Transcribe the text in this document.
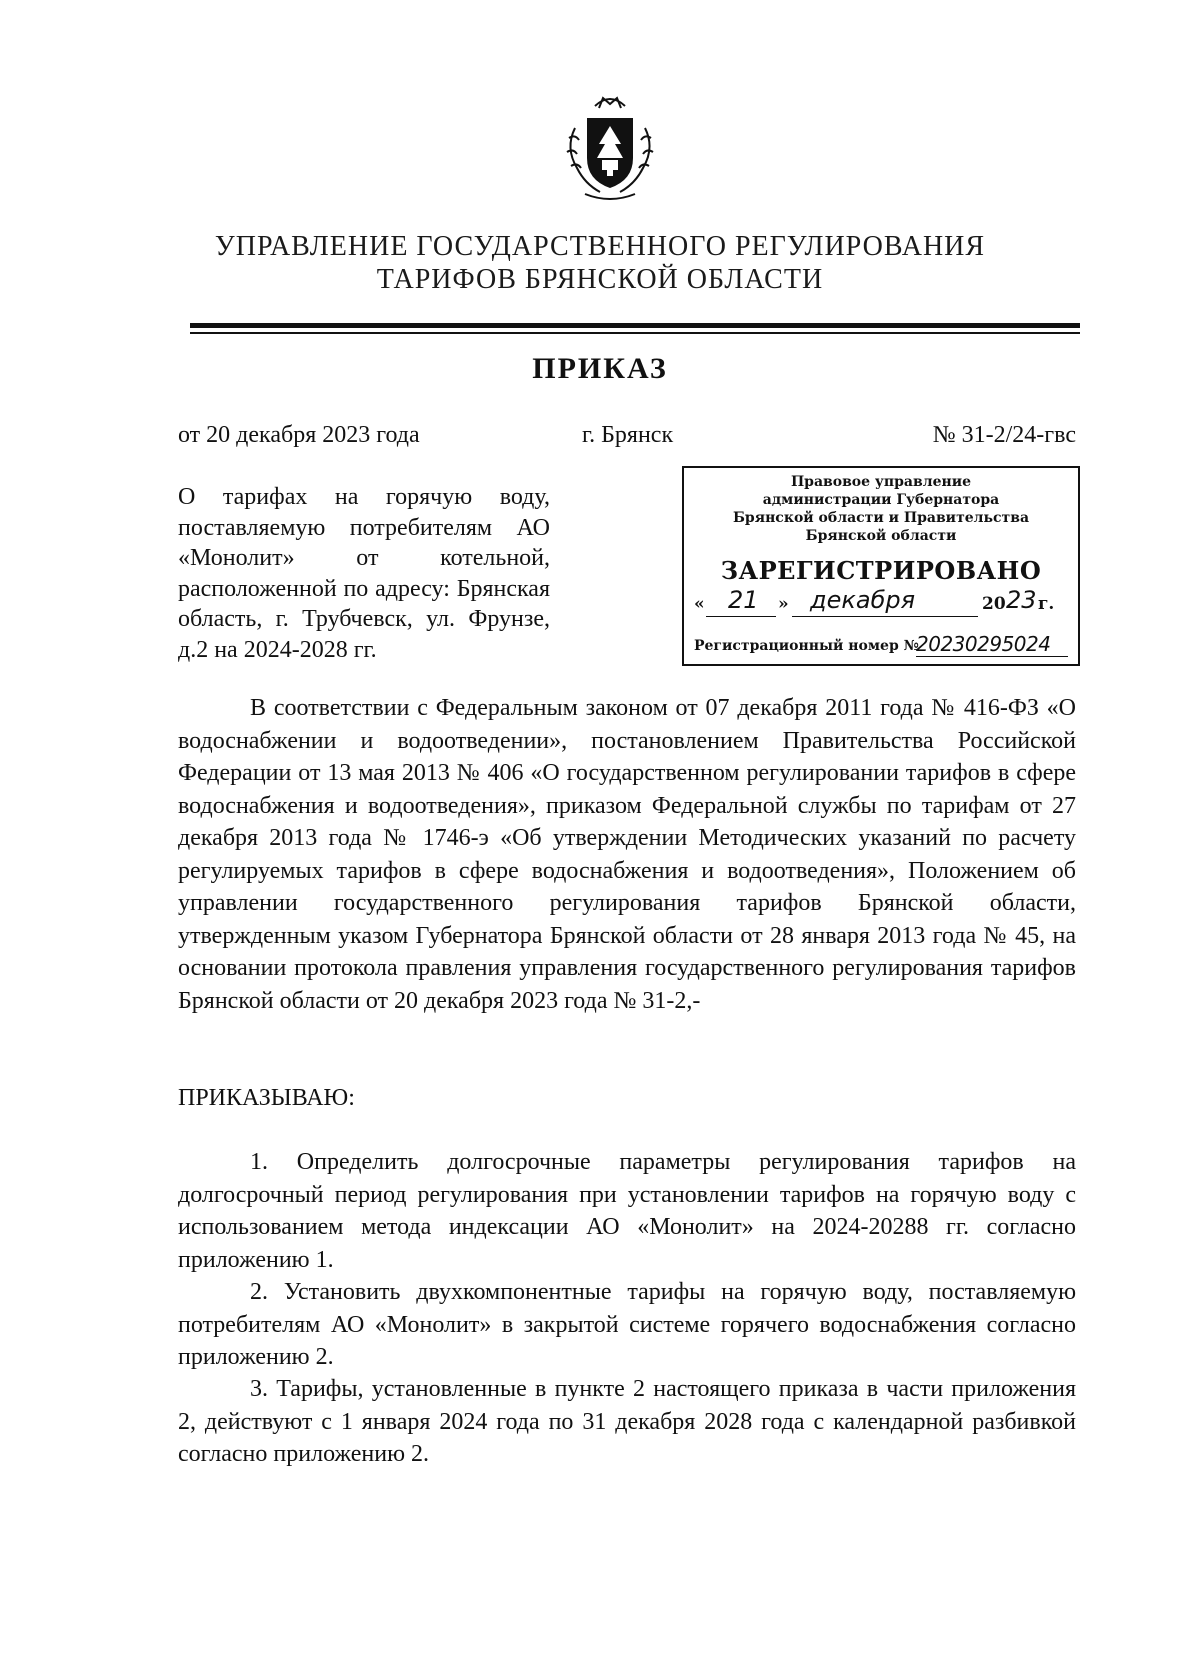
УПРАВЛЕНИЕ ГОСУДАРСТВЕННОГО РЕГУЛИРОВАНИЯ
ТАРИФОВ БРЯНСКОЙ ОБЛАСТИ
ПРИКАЗ
от 20 декабря 2023 года	г. Брянск	№ 31-2/24-гвс
О тарифах на горячую воду, поставляемую потребителям АО «Монолит» от котельной, расположенной по адресу: Брянская область, г. Трубчевск, ул. Фрунзе, д.2 на 2024-2028 гг.
Правовое управление
администрации Губернатора
Брянской области и Правительства
Брянской области
ЗАРЕГИСТРИРОВАНО
« 21 » декабря	20 23 г.
Регистрационный номер №
20230295024
В соответствии с Федеральным законом от 07 декабря 2011 года № 416-ФЗ «О водоснабжении и водоотведении», постановлением Правительства Российской Федерации от 13 мая 2013 № 406 «О государственном регулировании тарифов в сфере водоснабжения и водоотведения», приказом Федеральной службы по тарифам от 27 декабря 2013 года № 1746-э «Об утверждении Методических указаний по расчету регулируемых тарифов в сфере водоснабжения и водоотведения», Положением об управлении государственного регулирования тарифов Брянской области, утвержденным указом Губернатора Брянской области от 28 января 2013 года № 45, на основании протокола правления управления государственного регулирования тарифов Брянской области от 20 декабря 2023 года № 31-2,-
ПРИКАЗЫВАЮ:
1. Определить долгосрочные параметры регулирования тарифов на долгосрочный период регулирования при установлении тарифов на горячую воду с использованием метода индексации АО «Монолит» на 2024-20288 гг. согласно приложению 1.
2. Установить двухкомпонентные тарифы на горячую воду, поставляемую потребителям АО «Монолит» в закрытой системе горячего водоснабжения согласно приложению 2.
3. Тарифы, установленные в пункте 2 настоящего приказа в части приложения 2, действуют с 1 января 2024 года по 31 декабря 2028 года с календарной разбивкой согласно приложению 2.
